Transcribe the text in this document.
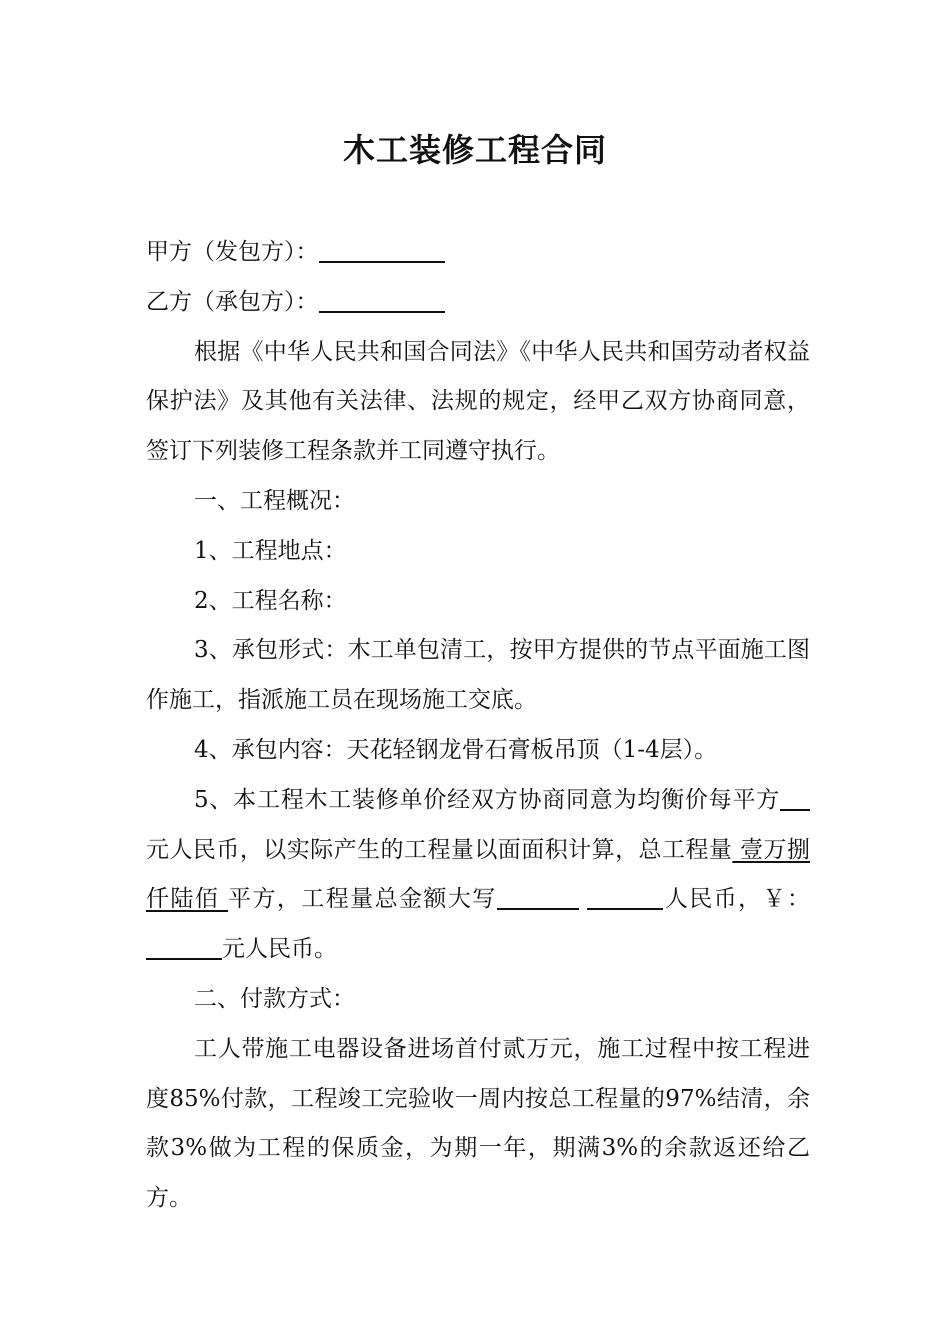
木工装修工程合同

甲方（发包方）：

乙方（承包方）：

根据《中华人民共和国合同法》《中华人民共和国劳动者权益保护法》及其他有关法律、法规的规定，经甲乙双方协商同意，签订下列装修工程条款并工同遵守执行。

一、工程概况：

1、工程地点：

2、工程名称：

3、承包形式：木工单包清工，按甲方提供的节点平面施工图作施工，指派施工员在现场施工交底。

4、承包内容：天花轻钢龙骨石膏板吊顶（1-4层）。

5、本工程木工装修单价经双方协商同意为均衡价每平方元人民币，以实际产生的工程量以面面积计算，总工程量 壹万捌仟陆佰 平方，工程量总金额大写	人民币，￥：元人民币。

二、付款方式：

工人带施工电器设备进场首付贰万元，施工过程中按工程进度85%付款，工程竣工完验收一周内按总工程量的97%结清，余款3%做为工程的保质金，为期一年，期满3%的余款返还给乙方。
